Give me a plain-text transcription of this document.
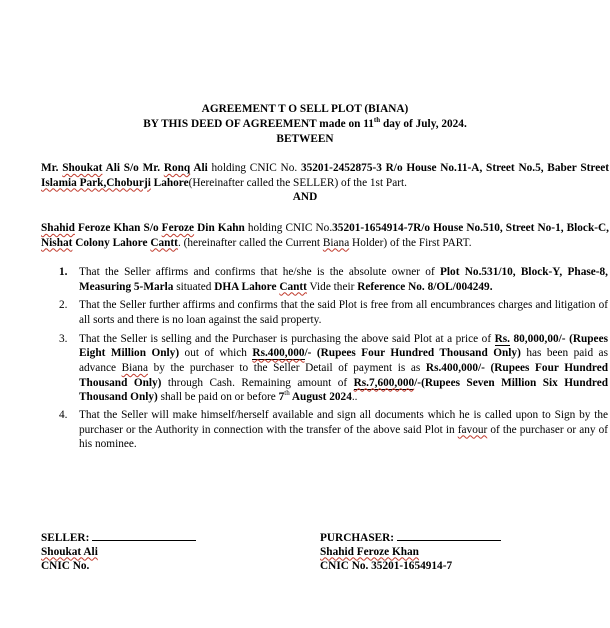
AGREEMENT T O SELL PLOT (BIANA)
BY THIS DEED OF AGREEMENT made on 11th day of July, 2024.
BETWEEN
Mr. Shoukat Ali S/o Mr. Ronq Ali holding CNIC No. 35201-2452875-3 R/o House No.11-A, Street No.5, Baber Street Islamia Park,Choburji Lahore(Hereinafter called the SELLER) of the 1st Part.
AND
Shahid Feroze Khan S/o Feroze Din Kahn holding CNIC No.35201-1654914-7R/o House No.510, Street No-1, Block-C, Nishat Colony Lahore Cantt. (hereinafter called the Current Biana Holder) of the First PART.
1. That the Seller affirms and confirms that he/she is the absolute owner of Plot No.531/10, Block-Y, Phase-8, Measuring 5-Marla situated DHA Lahore Cantt Vide their Reference No. 8/OL/004249.
2. That the Seller further affirms and confirms that the said Plot is free from all encumbrances charges and litigation of all sorts and there is no loan against the said property.
3. That the Seller is selling and the Purchaser is purchasing the above said Plot at a price of Rs. 80,000,00/- (Rupees Eight Million Only) out of which Rs.400,000/- (Rupees Four Hundred Thousand Only) has been paid as advance Biana by the purchaser to the Seller Detail of payment is as Rs.400,000/- (Rupees Four Hundred Thousand Only) through Cash. Remaining amount of Rs.7,600,000/-(Rupees Seven Million Six Hundred Thousand Only) shall be paid on or before 7th August 2024..
4. That the Seller will make himself/herself available and sign all documents which he is called upon to Sign by the purchaser or the Authority in connection with the transfer of the above said Plot in favour of the purchaser or any of his nominee.
SELLER:
Shoukat Ali
CNIC No.
PURCHASER:
Shahid Feroze Khan
CNIC No. 35201-1654914-7
